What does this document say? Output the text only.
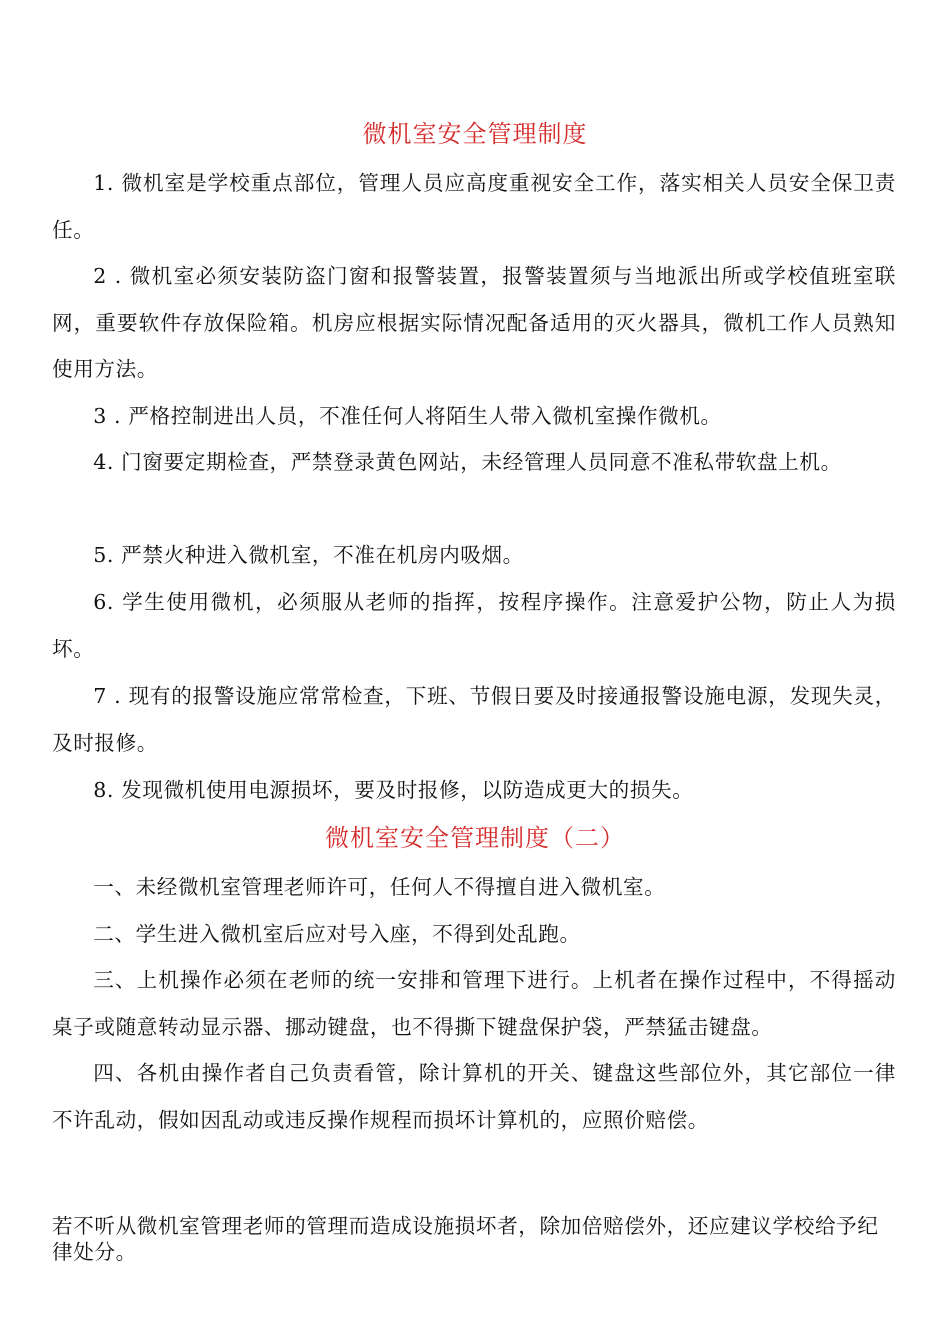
微机室安全管理制度

1. 微机室是学校重点部位，管理人员应高度重视安全工作，落实相关人员安全保卫责任。

2 . 微机室必须安装防盗门窗和报警装置，报警装置须与当地派出所或学校值班室联网，重要软件存放保险箱。机房应根据实际情况配备适用的灭火器具，微机工作人员熟知使用方法。

3 . 严格控制进出人员，不准任何人将陌生人带入微机室操作微机。

4. 门窗要定期检查，严禁登录黄色网站，未经管理人员同意不准私带软盘上机。

5. 严禁火种进入微机室，不准在机房内吸烟。

6. 学生使用微机，必须服从老师的指挥，按程序操作。注意爱护公物，防止人为损坏。

7 . 现有的报警设施应常常检查，下班、节假日要及时接通报警设施电源，发现失灵，及时报修。

8. 发现微机使用电源损坏，要及时报修，以防造成更大的损失。

微机室安全管理制度（二）

一、未经微机室管理老师许可，任何人不得擅自进入微机室。

二、学生进入微机室后应对号入座，不得到处乱跑。

三、上机操作必须在老师的统一安排和管理下进行。上机者在操作过程中，不得摇动桌子或随意转动显示器、挪动键盘，也不得撕下键盘保护袋，严禁猛击键盘。

四、各机由操作者自己负责看管，除计算机的开关、键盘这些部位外，其它部位一律不许乱动，假如因乱动或违反操作规程而损坏计算机的，应照价赔偿。

若不听从微机室管理老师的管理而造成设施损坏者，除加倍赔偿外，还应建议学校给予纪律处分。
